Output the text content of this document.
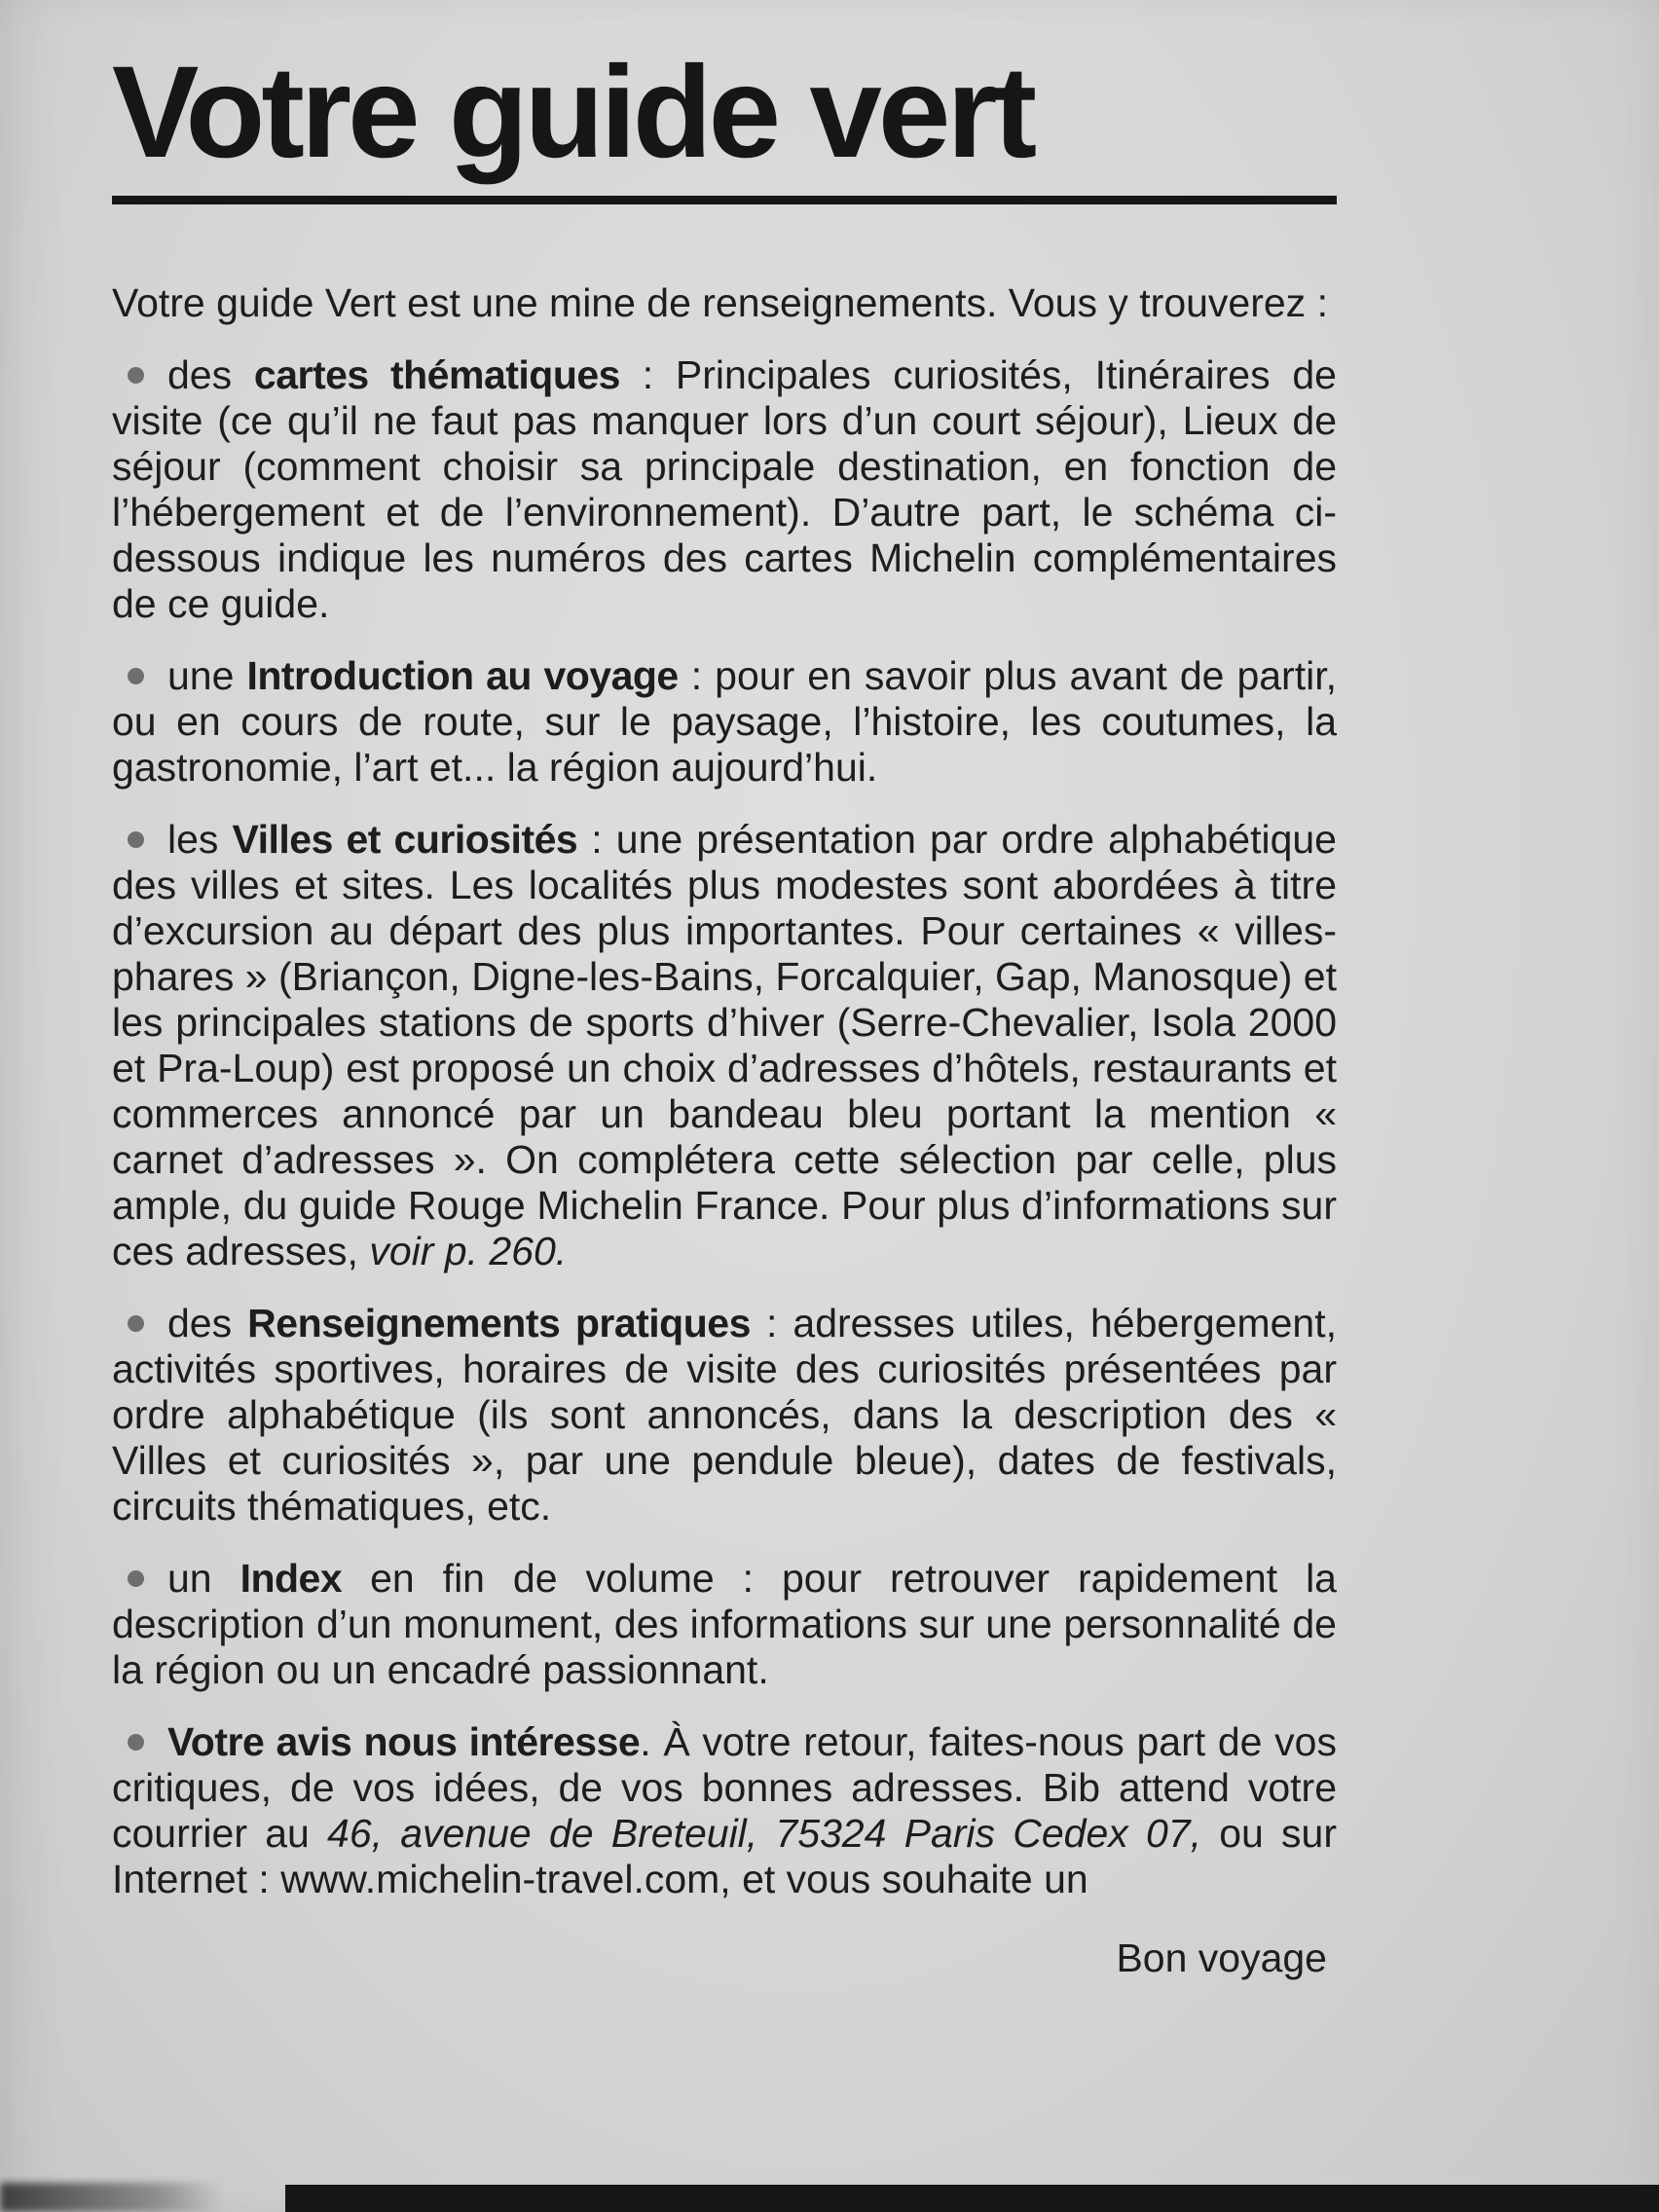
Votre guide vert

Votre guide Vert est une mine de renseignements. Vous y trouverez :

des cartes thématiques : Principales curiosités, Itinéraires de visite (ce qu’il ne faut pas manquer lors d’un court séjour), Lieux de séjour (comment choisir sa principale destination, en fonction de l’hébergement et de l’environnement). D’autre part, le schéma ci-dessous indique les numéros des cartes Michelin complémentaires de ce guide.

une Introduction au voyage : pour en savoir plus avant de partir, ou en cours de route, sur le paysage, l’histoire, les coutumes, la gastronomie, l’art et... la région aujourd’hui.

les Villes et curiosités : une présentation par ordre alphabétique des villes et sites. Les localités plus modestes sont abordées à titre d’excursion au départ des plus importantes. Pour certaines « villes-phares » (Briançon, Digne-les-Bains, Forcalquier, Gap, Manosque) et les principales stations de sports d’hiver (Serre-Chevalier, Isola 2000 et Pra-Loup) est proposé un choix d’adresses d’hôtels, restaurants et commerces annoncé par un bandeau bleu portant la mention « carnet d’adresses ». On complétera cette sélection par celle, plus ample, du guide Rouge Michelin France. Pour plus d’informations sur ces adresses, voir p. 260.

des Renseignements pratiques : adresses utiles, hébergement, activités sportives, horaires de visite des curiosités présentées par ordre alphabétique (ils sont annoncés, dans la description des « Villes et curiosités », par une pendule bleue), dates de festivals, circuits thématiques, etc.

un Index en fin de volume : pour retrouver rapidement la description d’un monument, des informations sur une personnalité de la région ou un encadré passionnant.

Votre avis nous intéresse. À votre retour, faites-nous part de vos critiques, de vos idées, de vos bonnes adresses. Bib attend votre courrier au 46, avenue de Breteuil, 75324 Paris Cedex 07, ou sur Internet : www.michelin-travel.com, et vous souhaite un

Bon voyage
